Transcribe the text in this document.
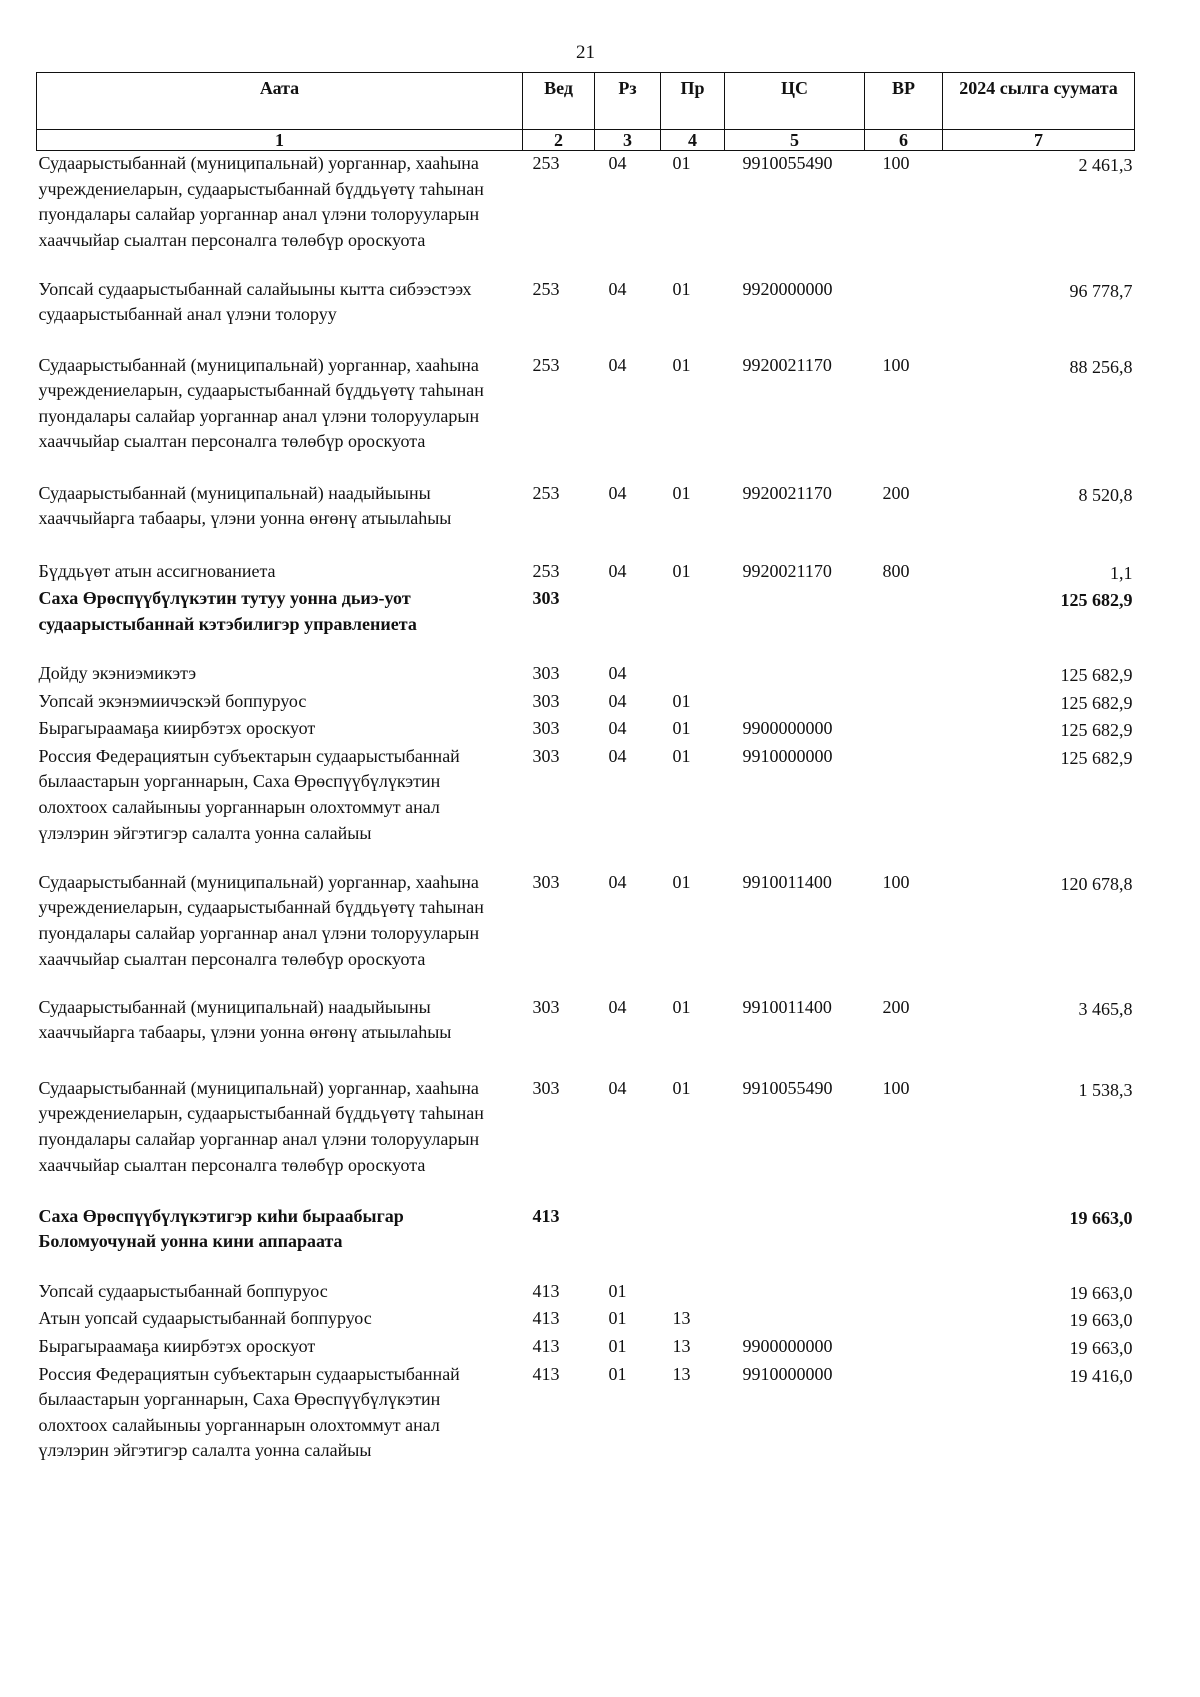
21
Аата	Вед	Рз	Пр	ЦС	ВР	2024 сылга суумата
1	2	3	4	5	6	7
Судаарыстыбаннай (муниципальнай) уорганнар, хааһына учреждениеларын, судаарыстыбаннай бүддьүөтү таһынан пуондалары салайар уорганнар анал үлэни толорууларын хааччыйар сыалтан персоналга төлөбүр ороскуота	253	04	01	9910055490	100	2 461,3
Уопсай судаарыстыбаннай салайыыны кытта сибээстээх судаарыстыбаннай анал үлэни толоруу	253	04	01	9920000000		96 778,7
Судаарыстыбаннай (муниципальнай) уорганнар, хааһына учреждениеларын, судаарыстыбаннай бүддьүөтү таһынан пуондалары салайар уорганнар анал үлэни толорууларын хааччыйар сыалтан персоналга төлөбүр ороскуота	253	04	01	9920021170	100	88 256,8
Судаарыстыбаннай (муниципальнай) наадыйыыны хааччыйарга табаары, үлэни уонна өҥөнү атыылаһыы	253	04	01	9920021170	200	8 520,8
Бүддьүөт атын ассигнованиета	253	04	01	9920021170	800	1,1
Саха Өрөспүүбүлүкэтин тутуу уонна дьиэ-уот судаарыстыбаннай кэтэбилигэр управлениета	303					125 682,9
Дойду экэниэмикэтэ	303	04				125 682,9
Уопсай экэнэмиичэскэй боппуруос	303	04	01			125 682,9
Бырагыраамаҕа киирбэтэх ороскуот	303	04	01	9900000000		125 682,9
Россия Федерациятын субъектарын судаарыстыбаннай былаастарын уорганнарын, Саха Өрөспүүбүлүкэтин олохтоох салайыныы уорганнарын олохтоммут анал үлэлэрин эйгэтигэр салалта уонна салайыы	303	04	01	9910000000		125 682,9
Судаарыстыбаннай (муниципальнай) уорганнар, хааһына учреждениеларын, судаарыстыбаннай бүддьүөтү таһынан пуондалары салайар уорганнар анал үлэни толорууларын хааччыйар сыалтан персоналга төлөбүр ороскуота	303	04	01	9910011400	100	120 678,8
Судаарыстыбаннай (муниципальнай) наадыйыыны хааччыйарга табаары, үлэни уонна өҥөнү атыылаһыы	303	04	01	9910011400	200	3 465,8
Судаарыстыбаннай (муниципальнай) уорганнар, хааһына учреждениеларын, судаарыстыбаннай бүддьүөтү таһынан пуондалары салайар уорганнар анал үлэни толорууларын хааччыйар сыалтан персоналга төлөбүр ороскуота	303	04	01	9910055490	100	1 538,3
Саха Өрөспүүбүлүкэтигэр киһи быраабыгар Боломуочунай уонна кини аппараата	413					19 663,0
Уопсай судаарыстыбаннай боппуруос	413	01				19 663,0
Атын уопсай судаарыстыбаннай боппуруос	413	01	13			19 663,0
Бырагыраамаҕа киирбэтэх ороскуот	413	01	13	9900000000		19 663,0
Россия Федерациятын субъектарын судаарыстыбаннай былаастарын уорганнарын, Саха Өрөспүүбүлүкэтин олохтоох салайыныы уорганнарын олохтоммут анал үлэлэрин эйгэтигэр салалта уонна салайыы	413	01	13	9910000000		19 416,0
